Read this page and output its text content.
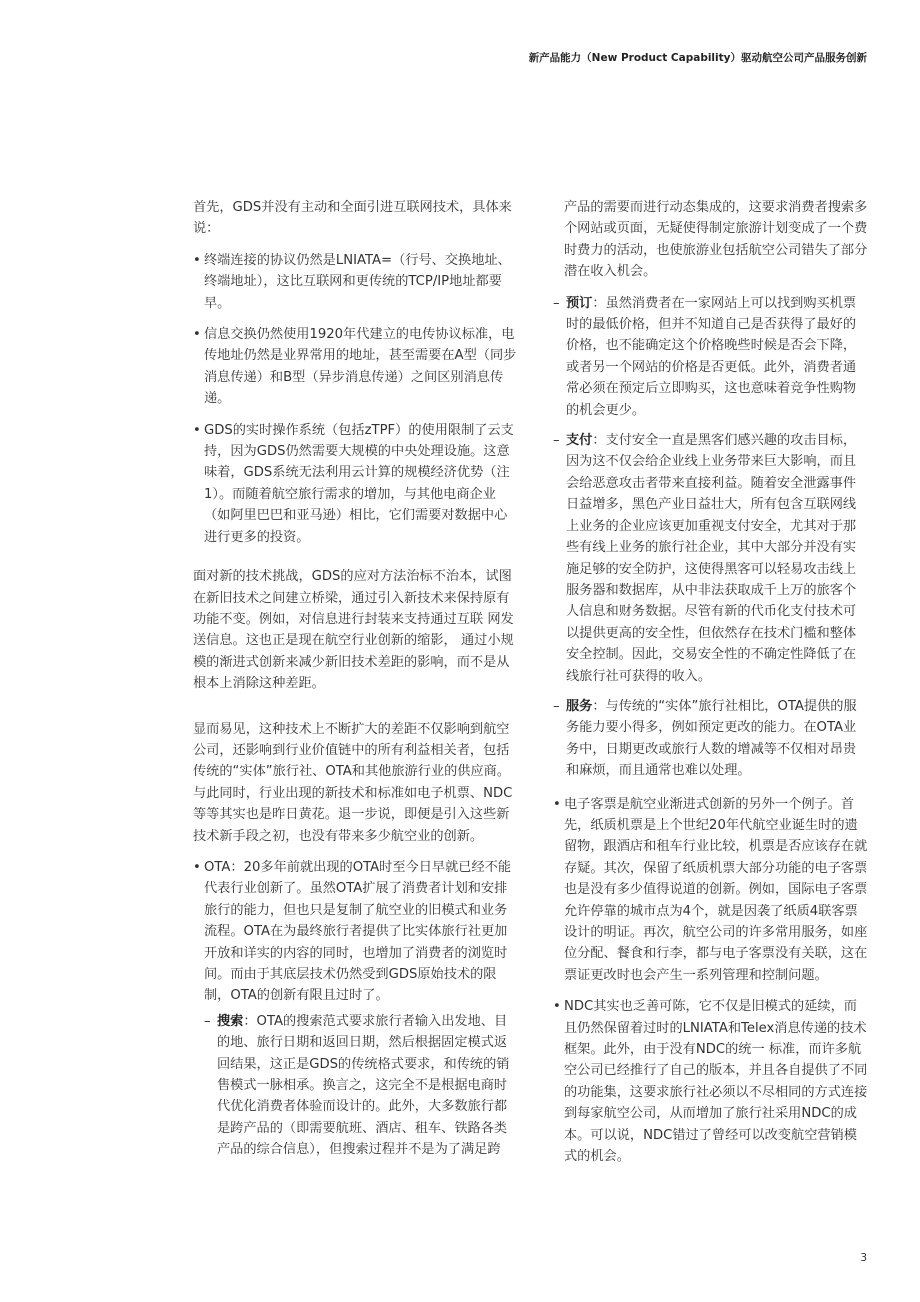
新产品能力（New Product Capability）驱动航空公司产品服务创新

首先，GDS并没有主动和全面引进互联网技术，具体来说：

• 终端连接的协议仍然是LNIATA=（行号、交换地址、终端地址），这比互联网和更传统的TCP/IP地址都要早。
• 信息交换仍然使用1920年代建立的电传协议标准，电传地址仍然是业界常用的地址，甚至需要在A型（同步消息传递）和B型（异步消息传递）之间区别消息传递。
• GDS的实时操作系统（包括zTPF）的使用限制了云支持，因为GDS仍然需要大规模的中央处理设施。这意味着，GDS系统无法利用云计算的规模经济优势（注1）。而随着航空旅行需求的增加，与其他电商企业（如阿里巴巴和亚马逊）相比，它们需要对数据中心进行更多的投资。

面对新的技术挑战，GDS的应对方法治标不治本，试图在新旧技术之间建立桥梁，通过引入新技术来保持原有功能不变。例如，对信息进行封装来支持通过互联 网发送信息。这也正是现在航空行业创新的缩影， 通过小规模的渐进式创新来减少新旧技术差距的影响，而不是从根本上消除这种差距。

显而易见，这种技术上不断扩大的差距不仅影响到航空公司，还影响到行业价值链中的所有利益相关者，包括传统的“实体”旅行社、OTA和其他旅游行业的供应商。与此同时，行业出现的新技术和标准如电子机票、NDC等等其实也是昨日黄花。退一步说，即便是引入这些新技术新手段之初，也没有带来多少航空业的创新。

• OTA：20多年前就出现的OTA时至今日早就已经不能代表行业创新了。虽然OTA扩展了消费者计划和安排旅行的能力，但也只是复制了航空业的旧模式和业务流程。OTA在为最终旅行者提供了比实体旅行社更加开放和详实的内容的同时，也增加了消费者的浏览时间。而由于其底层技术仍然受到GDS原始技术的限制，OTA的创新有限且过时了。
– 搜索：OTA的搜索范式要求旅行者输入出发地、目的地、旅行日期和返回日期，然后根据固定模式返回结果，这正是GDS的传统格式要求，和传统的销售模式一脉相承。换言之，这完全不是根据电商时代优化消费者体验而设计的。此外，大多数旅行都是跨产品的（即需要航班、酒店、租车、铁路各类产品的综合信息），但搜索过程并不是为了满足跨

产品的需要而进行动态集成的，这要求消费者搜索多个网站或页面，无疑使得制定旅游计划变成了一个费时费力的活动，也使旅游业包括航空公司错失了部分潜在收入机会。

– 预订：虽然消费者在一家网站上可以找到购买机票时的最低价格，但并不知道自己是否获得了最好的价格，也不能确定这个价格晚些时候是否会下降，或者另一个网站的价格是否更低。此外，消费者通常必须在预定后立即购买，这也意味着竞争性购物的机会更少。
– 支付：支付安全一直是黑客们感兴趣的攻击目标，因为这不仅会给企业线上业务带来巨大影响，而且会给恶意攻击者带来直接利益。随着安全泄露事件日益增多，黑色产业日益壮大，所有包含互联网线上业务的企业应该更加重视支付安全，尤其对于那些有线上业务的旅行社企业，其中大部分并没有实施足够的安全防护，这使得黑客可以轻易攻击线上服务器和数据库，从中非法获取成千上万的旅客个人信息和财务数据。尽管有新的代币化支付技术可以提供更高的安全性，但依然存在技术门槛和整体安全控制。因此，交易安全性的不确定性降低了在线旅行社可获得的收入。
– 服务：与传统的“实体”旅行社相比，OTA提供的服务能力要小得多，例如预定更改的能力。在OTA业务中，日期更改或旅行人数的增减等不仅相对昂贵和麻烦，而且通常也难以处理。
• 电子客票是航空业渐进式创新的另外一个例子。首先，纸质机票是上个世纪20年代航空业诞生时的遗留物，跟酒店和租车行业比较，机票是否应该存在就存疑。其次，保留了纸质机票大部分功能的电子客票也是没有多少值得说道的创新。例如，国际电子客票允许停靠的城市点为4个，就是因袭了纸质4联客票设计的明证。再次，航空公司的许多常用服务，如座位分配、餐食和行李，都与电子客票没有关联，这在票证更改时也会产生一系列管理和控制问题。
• NDC其实也乏善可陈，它不仅是旧模式的延续，而且仍然保留着过时的LNIATA和Telex消息传递的技术框架。此外，由于没有NDC的统一 标准，而许多航空公司已经推行了自己的版本，并且各自提供了不同的功能集，这要求旅行社必须以不尽相同的方式连接到每家航空公司，从而增加了旅行社采用NDC的成本。可以说，NDC错过了曾经可以改变航空营销模式的机会。
3
